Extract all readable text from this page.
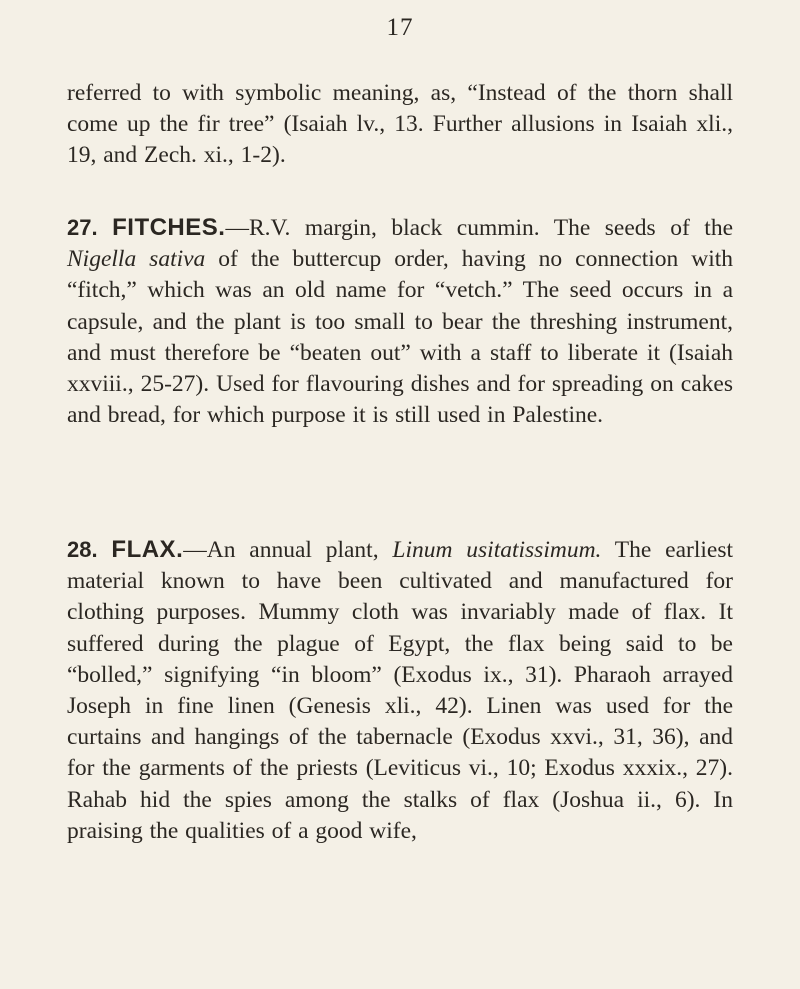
17
referred to with symbolic meaning, as, “Instead of the thorn shall come up the fir tree” (Isaiah lv., 13. Further allusions in Isaiah xli., 19, and Zech. xi., 1-2).
27. FITCHES.—R.V. margin, black cummin. The seeds of the Nigella sativa of the buttercup order, having no connection with “fitch,” which was an old name for “vetch.” The seed occurs in a capsule, and the plant is too small to bear the threshing instrument, and must therefore be “beaten out” with a staff to liberate it (Isaiah xxviii., 25-27). Used for flavouring dishes and for spreading on cakes and bread, for which purpose it is still used in Palestine.
28. FLAX.—An annual plant, Linum usitatissimum. The earliest material known to have been cultivated and manufactured for clothing purposes. Mummy cloth was invariably made of flax. It suffered during the plague of Egypt, the flax being said to be “bolled,” signifying “in bloom” (Exodus ix., 31). Pharaoh arrayed Joseph in fine linen (Genesis xli., 42). Linen was used for the curtains and hangings of the tabernacle (Exodus xxvi., 31, 36), and for the garments of the priests (Leviticus vi., 10; Exodus xxxix., 27). Rahab hid the spies among the stalks of flax (Joshua ii., 6). In praising the qualities of a good wife,
